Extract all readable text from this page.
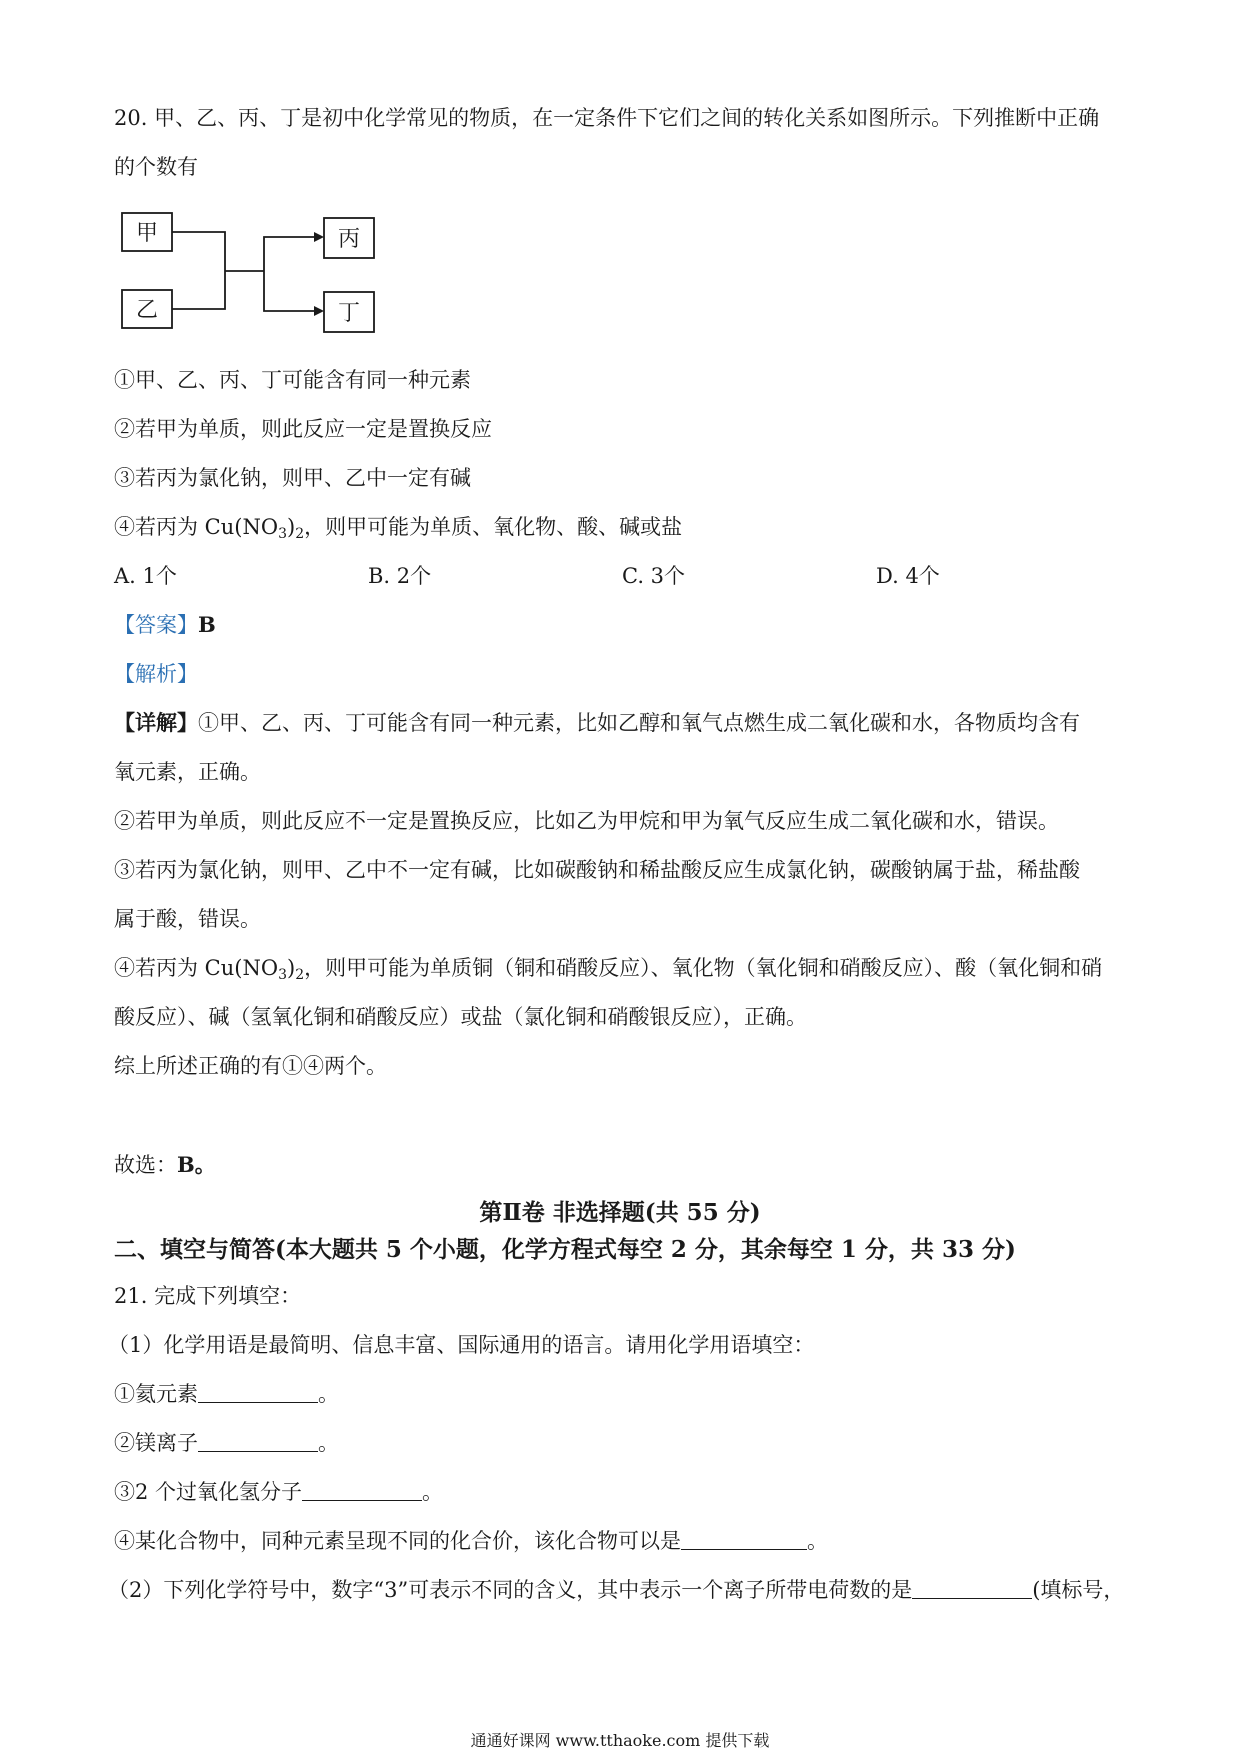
20. 甲、乙、丙、丁是初中化学常见的物质，在一定条件下它们之间的转化关系如图所示。下列推断中正确
的个数有
甲
乙
丙
丁
①甲、乙、丙、丁可能含有同一种元素
②若甲为单质，则此反应一定是置换反应
③若丙为氯化钠，则甲、乙中一定有碱
④若丙为 $Cu(NO_3)_2$，则甲可能为单质、氧化物、酸、碱或盐
A. 1个	B. 2个	C. 3个	D. 4个
【答案】B
【解析】
【详解】①甲、乙、丙、丁可能含有同一种元素，比如乙醇和氧气点燃生成二氧化碳和水，各物质均含有
氧元素，正确。
②若甲为单质，则此反应不一定是置换反应，比如乙为甲烷和甲为氧气反应生成二氧化碳和水，错误。
③若丙为氯化钠，则甲、乙中不一定有碱，比如碳酸钠和稀盐酸反应生成氯化钠，碳酸钠属于盐，稀盐酸
属于酸，错误。
④若丙为 $Cu(NO_3)_2$，则甲可能为单质铜（铜和硝酸反应）、氧化物（氧化铜和硝酸反应）、酸（氧化铜和硝
酸反应）、碱（氢氧化铜和硝酸反应）或盐（氯化铜和硝酸银反应），正确。
综上所述正确的有①④两个。
故选：B。
第Ⅱ卷 非选择题(共 55 分)
二、填空与简答(本大题共 5 个小题，化学方程式每空 2 分，其余每空 1 分，共 33 分)
21. 完成下列填空：
（1）化学用语是最简明、信息丰富、国际通用的语言。请用化学用语填空：
①氦元素	。
②镁离子	。
③2 个过氧化氢分子	。
④某化合物中，同种元素呈现不同的化合价，该化合物可以是	。
（2）下列化学符号中，数字“3”可表示不同的含义，其中表示一个离子所带电荷数的是	(填标号，
通通好课网 www.tthaoke.com 提供下载
